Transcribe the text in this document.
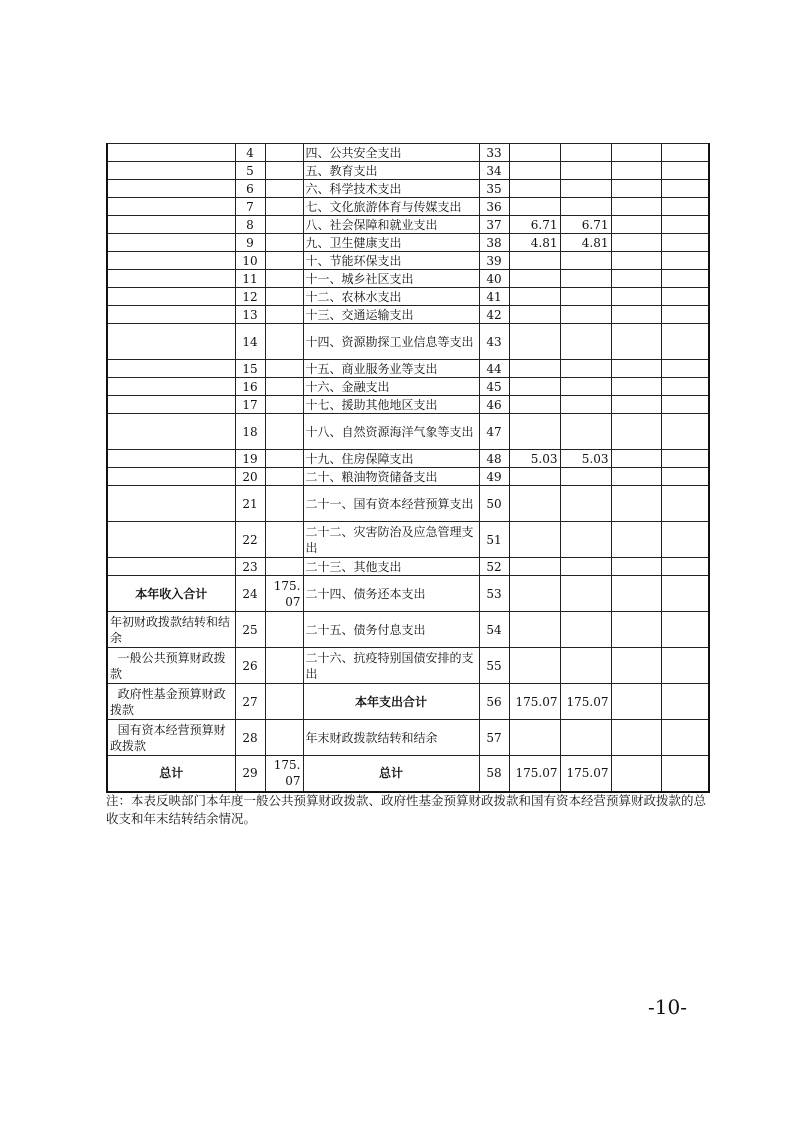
	4		四、公共安全支出	33				
	5		五、教育支出	34				
	6		六、科学技术支出	35				
	7		七、文化旅游体育与传媒支出	36				
	8		八、社会保障和就业支出	37	6.71	6.71		
	9		九、卫生健康支出	38	4.81	4.81		
	10		十、节能环保支出	39				
	11		十一、城乡社区支出	40				
	12		十二、农林水支出	41				
	13		十三、交通运输支出	42				
	14		十四、资源勘探工业信息等支出	43				
	15		十五、商业服务业等支出	44				
	16		十六、金融支出	45				
	17		十七、援助其他地区支出	46				
	18		十八、自然资源海洋气象等支出	47				
	19		十九、住房保障支出	48	5.03	5.03		
	20		二十、粮油物资储备支出	49				
	21		二十一、国有资本经营预算支出	50				
	22		二十二、灾害防治及应急管理支出	51				
	23		二十三、其他支出	52				
本年收入合计	24	175.07	二十四、债务还本支出	53				
年初财政拨款结转和结余	25		二十五、债务付息支出	54				
一般公共预算财政拨款	26		二十六、抗疫特别国债安排的支出	55				
政府性基金预算财政拨款	27		本年支出合计	56	175.07	175.07		
国有资本经营预算财政拨款	28		年末财政拨款结转和结余	57				
总计	29	175.07	总计	58	175.07	175.07		
注：本表反映部门本年度一般公共预算财政拨款、政府性基金预算财政拨款和国有资本经营预算财政拨款的总收支和年末结转结余情况。
-10-
